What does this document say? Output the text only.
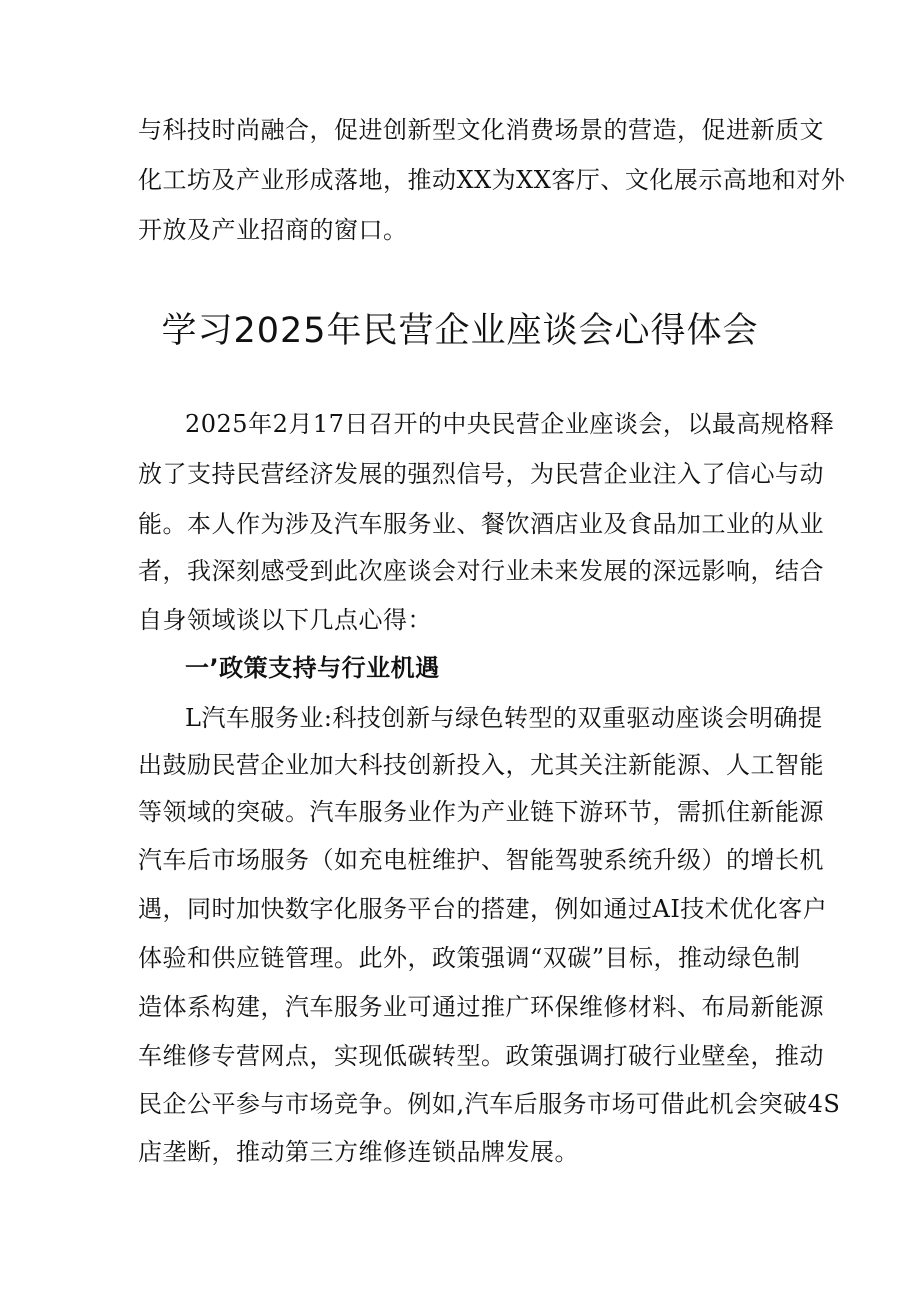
与科技时尚融合，促进创新型文化消费场景的营造，促进新质文
化工坊及产业形成落地，推动XX为XX客厅、文化展示高地和对外
开放及产业招商的窗口。
学习2025年民营企业座谈会心得体会
2025年2月17日召开的中央民营企业座谈会，以最高规格释
放了支持民营经济发展的强烈信号，为民营企业注入了信心与动
能。本人作为涉及汽车服务业、餐饮酒店业及食品加工业的从业
者，我深刻感受到此次座谈会对行业未来发展的深远影响，结合
自身领域谈以下几点心得：
一’政策支持与行业机遇
L汽车服务业:科技创新与绿色转型的双重驱动座谈会明确提
出鼓励民营企业加大科技创新投入，尤其关注新能源、人工智能
等领域的突破。汽车服务业作为产业链下游环节，需抓住新能源
汽车后市场服务（如充电桩维护、智能驾驶系统升级）的增长机
遇，同时加快数字化服务平台的搭建，例如通过AI技术优化客户
体验和供应链管理。此外，政策强调“双碳”目标，推动绿色制
造体系构建，汽车服务业可通过推广环保维修材料、布局新能源
车维修专营网点，实现低碳转型。政策强调打破行业壁垒，推动
民企公平参与市场竞争。例如,汽车后服务市场可借此机会突破4S
店垄断，推动第三方维修连锁品牌发展。
